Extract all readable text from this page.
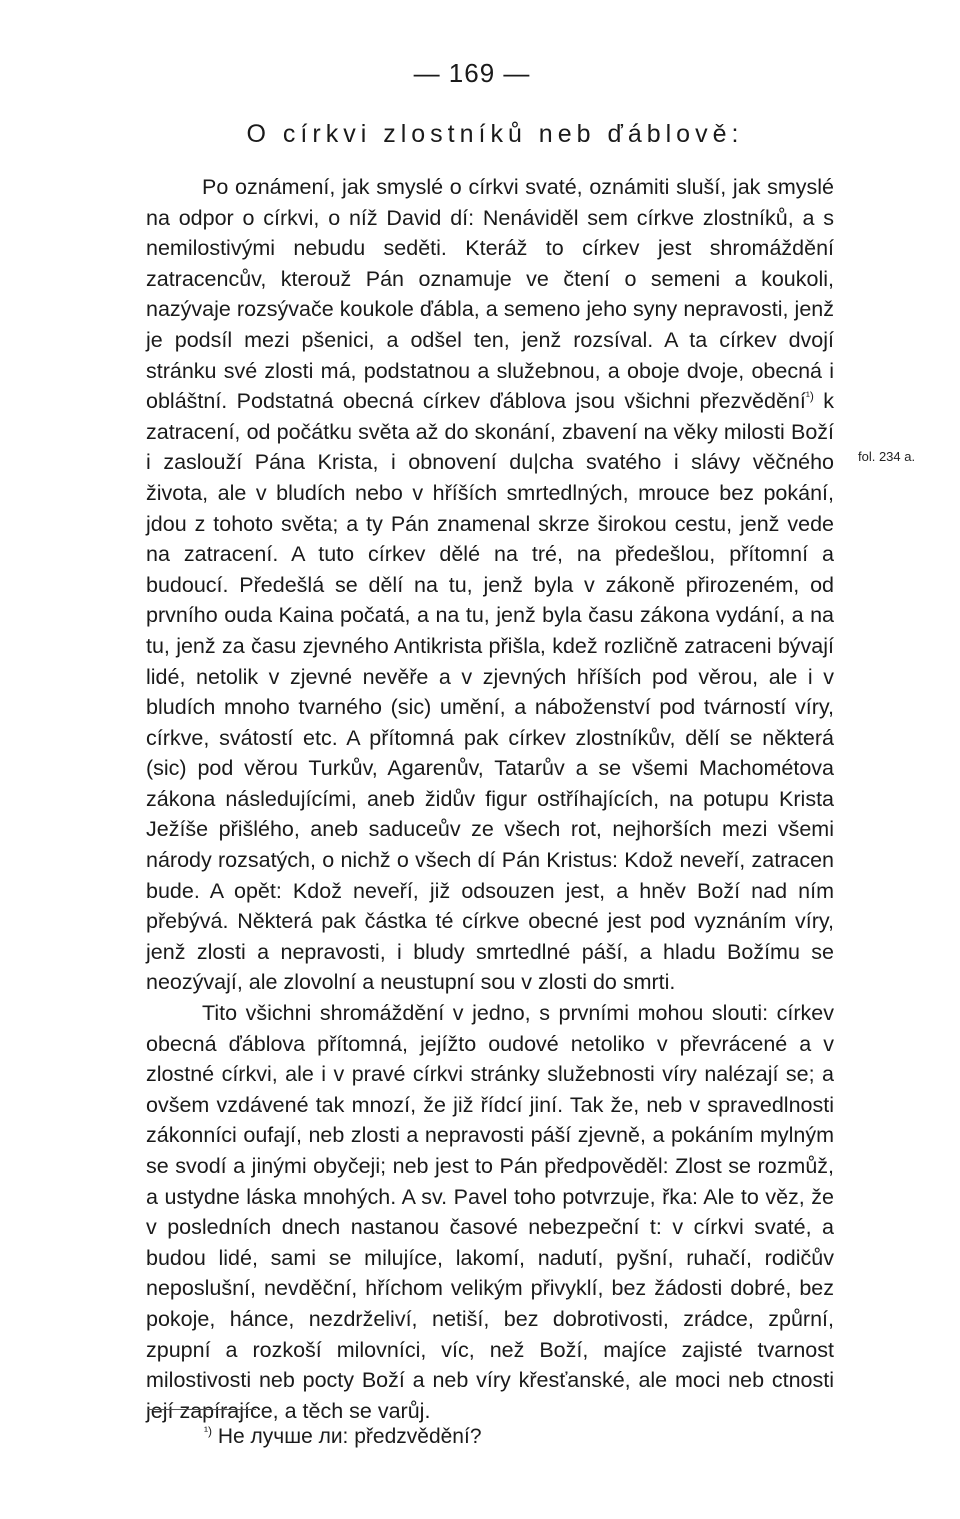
— 169 —
O církvi zlostníků neb ďáblově:

Po oznámení, jak smyslé o církvi svaté, oznámiti sluší, jak smyslé na odpor o církvi, o níž David dí: Nenáviděl sem církve zlostníků, a s nemilostivými nebudu seděti. Kteráž to církev jest shromáždění zatracencův, kterouž Pán oznamuje ve čtení o semeni a koukoli, nazývaje rozsývače koukole ďábla, a semeno jeho syny nepravosti, jenž je podsíl mezi pšenici, a odšel ten, jenž rozsíval. A ta církev dvojí stránku své zlosti má, podstatnou a služebnou, a oboje dvoje, obecná i obláštní. Podstatná obecná církev ďáblova jsou všichni přezvědění$^{^1)}$ k zatracení, od počátku světa až do skonání, zbavení na věky milosti Boží i zaslouží Pána Krista, i obnovení du|cha svatého i slávy věčného života, ale v bludích nebo v hříších smrtedlných, mrouce bez pokání, jdou z tohoto světa; a ty Pán znamenal skrze širokou cestu, jenž vede na zatracení. A tuto církev dělé na tré, na předešlou, přítomní a budoucí. Předešlá se dělí na tu, jenž byla v zákoně přirozeném, od prvního ouda Kaina počatá, a na tu, jenž byla času zákona vydání, a na tu, jenž za času zjevného Antikrista přišla, kdež rozličně zatraceni bývají lidé, netolik v zjevné nevěře a v zjevných hříších pod věrou, ale i v bludích mnoho tvarného (sic) umění, a náboženství pod tvárností víry, církve, svátostí etc. A přítomná pak církev zlostníkův, dělí se některá (sic) pod věrou Turkův, Agarenův, Tatarův a se všemi Machométova zákona následujícími, aneb židův figur ostříhajících, na potupu Krista Ježíše přišlého, aneb saduceův ze všech rot, nejhorších mezi všemi národy rozsatých, o nichž o všech dí Pán Kristus: Kdož neveří, zatracen bude. A opět: Kdož neveří, již odsouzen jest, a hněv Boží nad ním přebývá. Některá pak částka té církve obecné jest pod vyznáním víry, jenž zlosti a nepravosti, i bludy smrtedlné páší, a hladu Božímu se neozývají, ale zlovolní a neustupní sou v zlosti do smrti.

Tito všichni shromáždění v jedno, s prvními mohou slouti: církev obecná ďáblova přítomná, jejížto oudové netoliko v převrácené a v zlostné církvi, ale i v pravé církvi stránky služebnosti víry nalézají se; a ovšem vzdávené tak mnozí, že již řídcí jiní. Tak že, neb v spravedlnosti zákonníci oufají, neb zlosti a nepravosti páší zjevně, a pokáním mylným se svodí a jinými obyčeji; neb jest to Pán předpověděl: Zlost se rozmůž, a ustydne láska mnohých. A sv. Pavel toho potvrzuje, řka: Ale to věz, že v posledních dnech nastanou časové nebezpeční t: v církvi svaté, a budou lidé, sami se milujíce, lakomí, nadutí, pyšní, ruhačí, rodičův neposlušní, nevděční, hříchom velikým přivyklí, bez žádosti dobré, bez pokoje, hánce, nezdrželiví, netiší, bez dobrotivosti, zrádce, způrní, zpupní a rozkoší milovníci, víc, než Boží, majíce zajisté tvarnost milostivosti neb pocty Boží a neb víry křesťanské, ale moci neb ctnosti její zapírajíce, a těch se varůj.

fol. 234 a.
$^{^1)}$ Не лучше ли: předzvědění?
